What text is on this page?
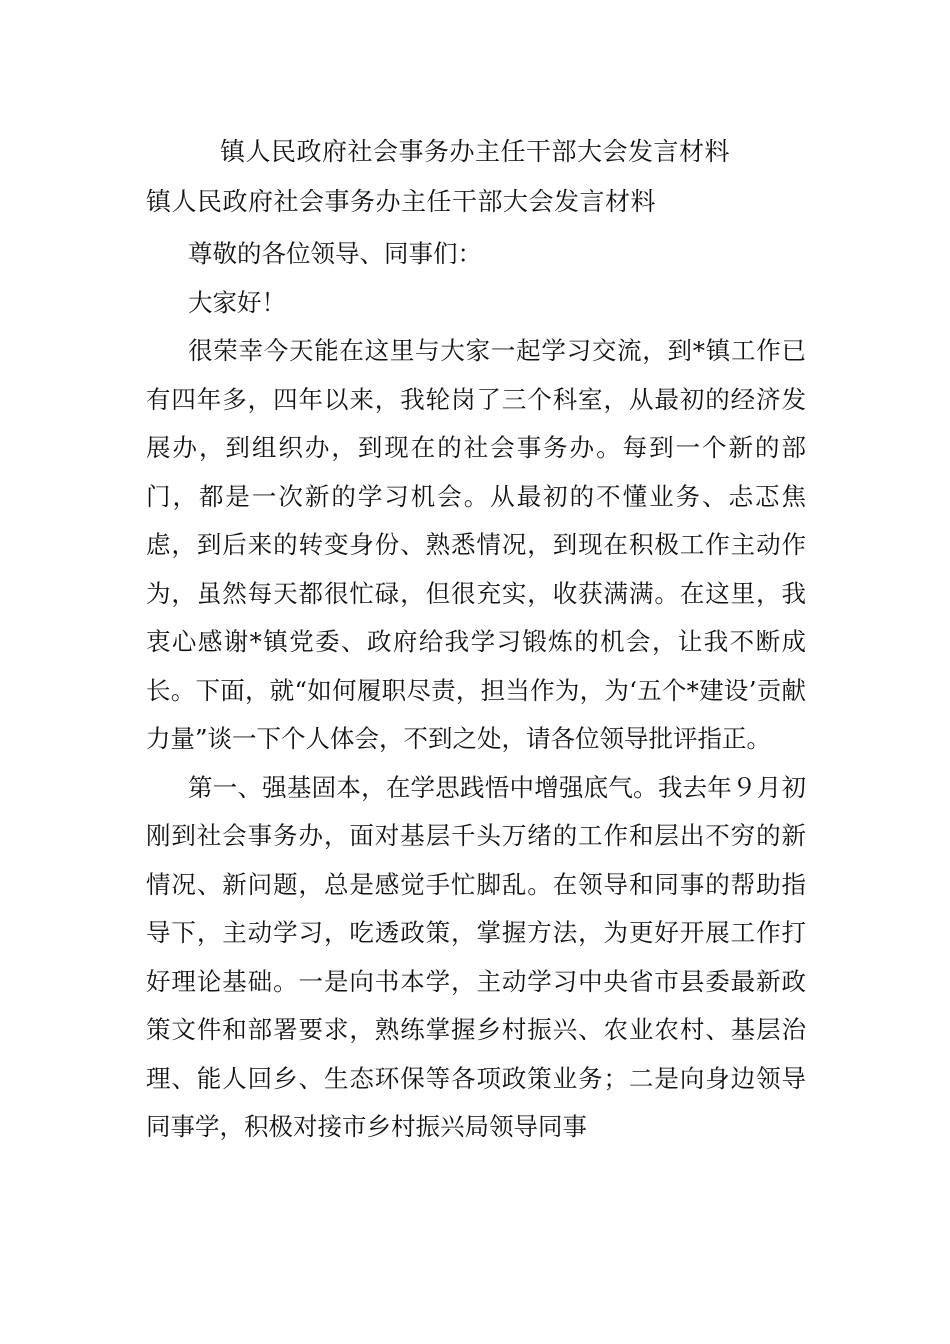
镇人民政府社会事务办主任干部大会发言材料
镇人民政府社会事务办主任干部大会发言材料

尊敬的各位领导、同事们：

大家好！

很荣幸今天能在这里与大家一起学习交流，到*镇工作已有四年多，四年以来，我轮岗了三个科室，从最初的经济发展办，到组织办，到现在的社会事务办。每到一个新的部门，都是一次新的学习机会。从最初的不懂业务、忐忑焦虑，到后来的转变身份、熟悉情况，到现在积极工作主动作为，虽然每天都很忙碌，但很充实，收获满满。在这里，我衷心感谢*镇党委、政府给我学习锻炼的机会，让我不断成长。下面，就“如何履职尽责，担当作为，为‘五个*建设’贡献力量”谈一下个人体会，不到之处，请各位领导批评指正。

第一、强基固本，在学思践悟中增强底气。我去年９月初刚到社会事务办，面对基层千头万绪的工作和层出不穷的新情况、新问题，总是感觉手忙脚乱。在领导和同事的帮助指导下，主动学习，吃透政策，掌握方法，为更好开展工作打好理论基础。一是向书本学，主动学习中央省市县委最新政策文件和部署要求，熟练掌握乡村振兴、农业农村、基层治理、能人回乡、生态环保等各项政策业务；二是向身边领导同事学，积极对接市乡村振兴局领导同事
